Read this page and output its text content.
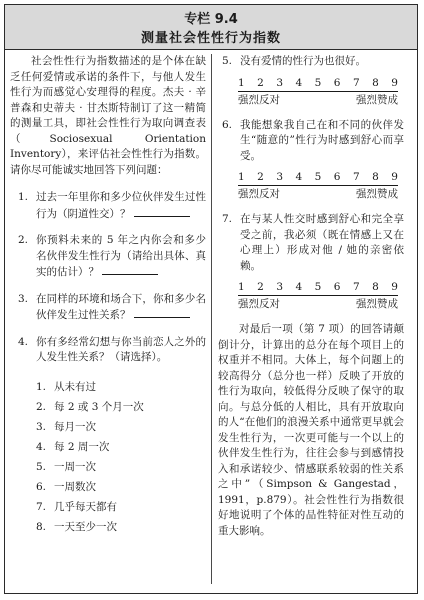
专栏 9.4
测量社会性性行为指数

社会性性行为指数描述的是个体在缺乏任何爱情或承诺的条件下，与他人发生性行为而感觉心安理得的程度。杰夫 · 辛普森和史蒂夫 · 甘杰斯特制订了这一精简的测量工具，即社会性性行为取向调查表（Sociosexual Orientation Inventory），来评估社会性性行为指数。请你尽可能诚实地回答下列问题：

1. 过去一年里你和多少位伙伴发生过性行为（阴道性交）？
2. 你预料未来的 5 年之内你会和多少名伙伴发生性行为（请给出具体、真实的估计）？
3. 在同样的环境和场合下，你和多少名伙伴发生过性关系？
4. 你有多经常幻想与你当前恋人之外的人发生性关系？（请选择）。
1. 从未有过
2. 每 2 或 3 个月一次
3. 每月一次
4. 每 2 周一次
5. 一周一次
6. 一周数次
7. 几乎每天都有
8. 一天至少一次
5. 没有爱情的性行为也很好。
1 2 3 4 5 6 7 8 9
强烈反对	强烈赞成
6. 我能想象我自己在和不同的伙伴发生“随意的”性行为时感到舒心而享受。
1 2 3 4 5 6 7 8 9
强烈反对	强烈赞成
7. 在与某人性交时感到舒心和完全享受之前，我必须（既在情感上又在心理上）形成对他 / 她的亲密依赖。
1 2 3 4 5 6 7 8 9
强烈反对	强烈赞成

对最后一项（第 7 项）的回答请颠倒计分，计算出的总分在每个项目上的权重并不相同。大体上，每个问题上的较高得分（总分也一样）反映了开放的性行为取向，较低得分反映了保守的取向。与总分低的人相比，具有开放取向的人“在他们的浪漫关系中通常更早就会发生性行为，一次更可能与一个以上的伙伴发生性行为，往往会参与到感情投入和承诺较少、情感联系较弱的性关系之中”（Simpson & Gangestad，1991，p.879）。社会性性行为指数很好地说明了个体的品性特征对性互动的重大影响。
